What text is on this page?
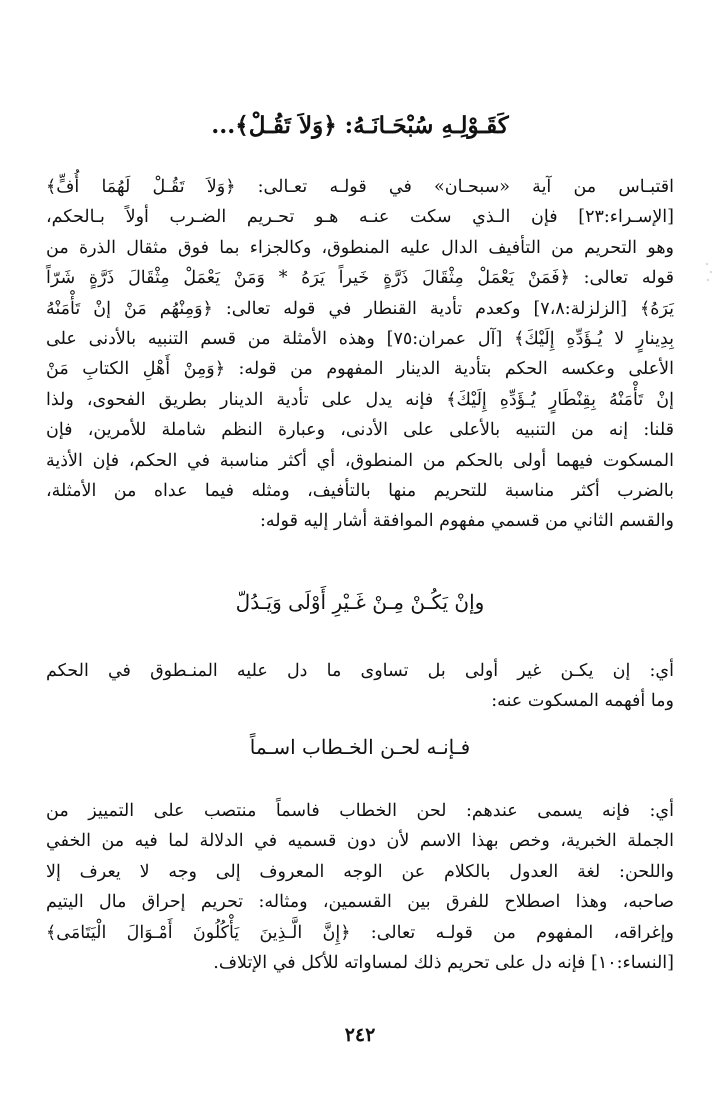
كَقَـوْلِـهِ سُبْحَـانَـهُ: ﴿وَلاَ تَقُـلْ﴾...
اقتبـاس من آية «سبحـان» في قولـه تعـالى: ﴿وَلاَ تَقُـلْ لَهُمَا أُفٍّ﴾
[الإسـراء:٢٣] فإن الـذي سكت عنـه هـو تحـريم الضـرب أولاً بـالحكم،
وهو التحريم من التأفيف الدال عليه المنطوق، وكالجزاء بما فوق مثقال الذرة من
قوله تعالى: ﴿فَمَنْ يَعْمَلْ مِثْقَالَ ذَرَّةٍ خَيراً يَرَهُ * وَمَنْ يَعْمَلْ مِثْقَالَ ذَرَّةٍ شَرّاً
يَرَهُ﴾ [الزلزلة:٧،٨] وكعدم تأدية القنطار في قوله تعالى: ﴿وَمِنْهُم مَنْ إنْ تَأْمَنْهُ
بِدِينارٍ لا يُـؤَدِّهِ إِلَيْكَ﴾ [آل عمران:٧٥] وهذه الأمثلة من قسم التنبيه بالأدنى على
الأعلى وعكسه الحكم بتأدية الدينار المفهوم من قوله: ﴿وَمِنْ أَهْلِ الكتابِ مَنْ
إنْ تَأْمَنْهُ بِقِنْطَارٍ يُـؤَدِّهِ إِلَيْكَ﴾ فإنه يدل على تأدية الدينار بطريق الفحوى، ولذا
قلنا: إنه من التنبيه بالأعلى على الأدنى، وعبارة النظم شاملة للأمرين، فإن
المسكوت فيهما أولى بالحكم من المنطوق، أي أكثر مناسبة في الحكم، فإن الأذية
بالضرب أكثر مناسبة للتحريم منها بالتأفيف، ومثله فيما عداه من الأمثلة،
والقسم الثاني من قسمي مفهوم الموافقة أشار إليه قوله:
وإنْ يَكُـنْ مِـنْ غَـيْرِ أَوْلَى وَيَـدُلّ
أي: إن يكـن غير أولى بل تساوى ما دل عليه المنـطوق في الحكم
وما أفهمه المسكوت عنه:
فـإنـه لحـن الخـطاب اسـماً
أي: فإنه يسمى عندهم: لحن الخطاب فاسماً منتصب على التمييز من
الجملة الخبرية، وخص بهذا الاسم لأن دون قسميه في الدلالة لما فيه من الخفي
واللحن: لغة العدول بالكلام عن الوجه المعروف إلى وجه لا يعرف إلا
صاحبه، وهذا اصطلاح للفرق بين القسمين، ومثاله: تحريم إحراق مال اليتيم
وإغراقه، المفهوم من قولـه تعالى: ﴿إِنَّ الَّـذِينَ يَأْكُلُونَ أَمْـوَالَ الْيَتَامَى﴾
[النساء:١٠] فإنه دل على تحريم ذلك لمساواته للأكل في الإتلاف.
٢٤٢
